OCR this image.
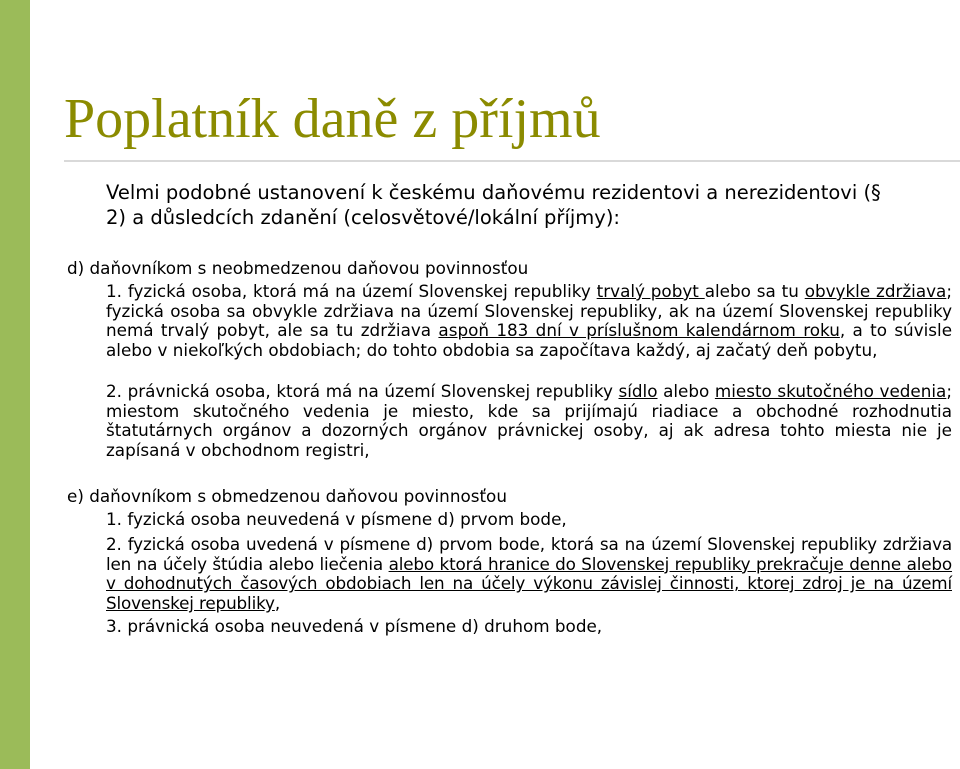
Poplatník daně z příjmů

Velmi podobné ustanovení k českému daňovému rezidentovi a nerezidentovi (§ 2) a důsledcích zdanění (celosvětové/lokální příjmy):

d) daňovníkom s neobmedzenou daňovou povinnosťou

1. fyzická osoba, ktorá má na území Slovenskej republiky trvalý pobyt alebo sa tu obvykle zdržiava; fyzická osoba sa obvykle zdržiava na území Slovenskej republiky, ak na území Slovenskej republiky nemá trvalý pobyt, ale sa tu zdržiava aspoň 183 dní v príslušnom kalendárnom roku, a to súvisle alebo v niekoľkých obdobiach; do tohto obdobia sa započítava každý, aj začatý deň pobytu,

2. právnická osoba, ktorá má na území Slovenskej republiky sídlo alebo miesto skutočného vedenia; miestom skutočného vedenia je miesto, kde sa prijímajú riadiace a obchodné rozhodnutia štatutárnych orgánov a dozorných orgánov právnickej osoby, aj ak adresa tohto miesta nie je zapísaná v obchodnom registri,

e) daňovníkom s obmedzenou daňovou povinnosťou

1. fyzická osoba neuvedená v písmene d) prvom bode,

2. fyzická osoba uvedená v písmene d) prvom bode, ktorá sa na území Slovenskej republiky zdržiava len na účely štúdia alebo liečenia alebo ktorá hranice do Slovenskej republiky prekračuje denne alebo v dohodnutých časových obdobiach len na účely výkonu závislej činnosti, ktorej zdroj je na území Slovenskej republiky,

3. právnická osoba neuvedená v písmene d) druhom bode,
